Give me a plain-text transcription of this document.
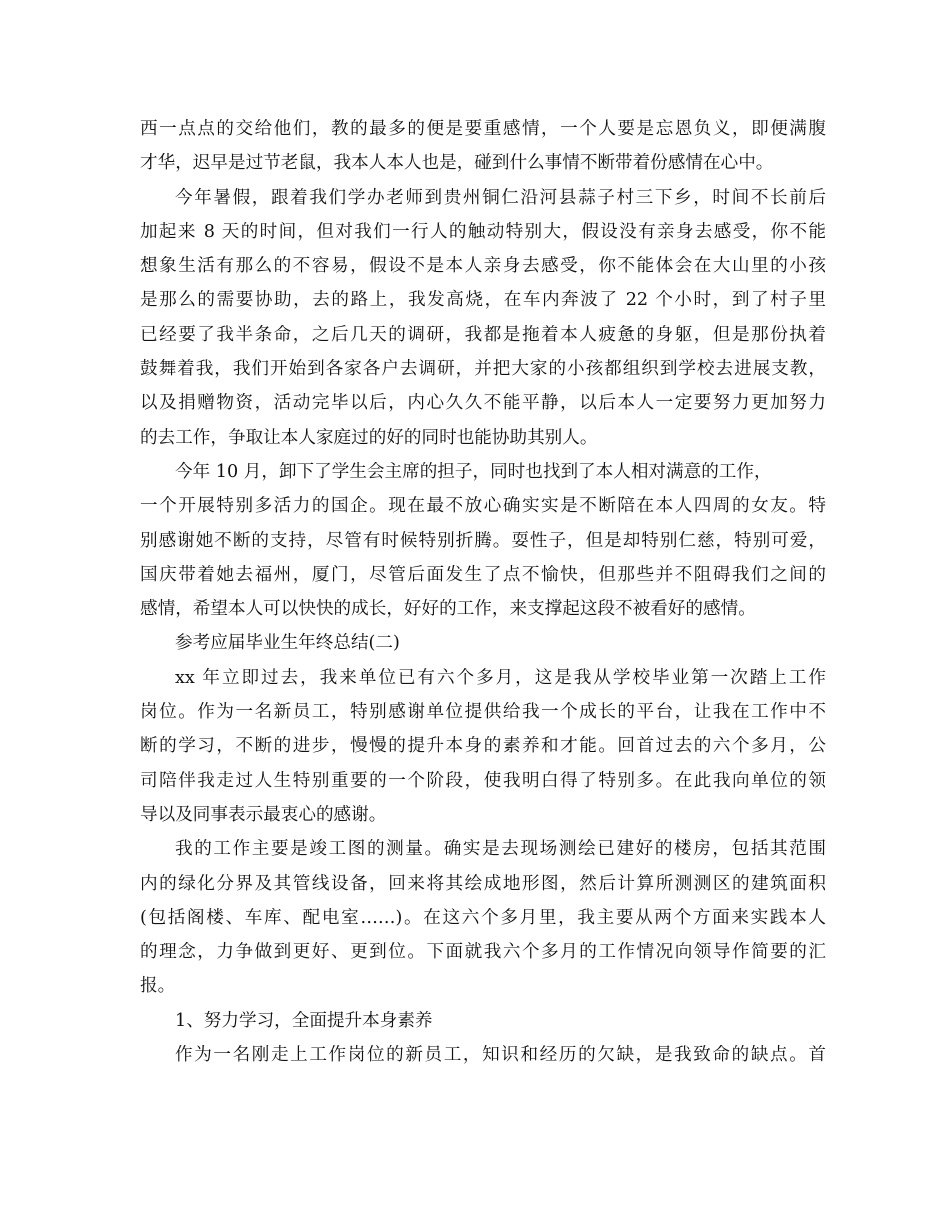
西一点点的交给他们，教的最多的便是要重感情，一个人要是忘恩负义，即便满腹
才华，迟早是过节老鼠，我本人本人也是，碰到什么事情不断带着份感情在心中。
今年暑假，跟着我们学办老师到贵州铜仁沿河县蒜子村三下乡，时间不长前后
加起来 8 天的时间，但对我们一行人的触动特别大，假设没有亲身去感受，你不能
想象生活有那么的不容易，假设不是本人亲身去感受，你不能体会在大山里的小孩
是那么的需要协助，去的路上，我发高烧，在车内奔波了 22 个小时，到了村子里
已经要了我半条命，之后几天的调研，我都是拖着本人疲惫的身躯，但是那份执着
鼓舞着我，我们开始到各家各户去调研，并把大家的小孩都组织到学校去进展支教，
以及捐赠物资，活动完毕以后，内心久久不能平静，以后本人一定要努力更加努力
的去工作，争取让本人家庭过的好的同时也能协助其别人。
今年 10 月，卸下了学生会主席的担子，同时也找到了本人相对满意的工作，
一个开展特别多活力的国企。现在最不放心确实实是不断陪在本人四周的女友。特
别感谢她不断的支持，尽管有时候特别折腾。耍性子，但是却特别仁慈，特别可爱，
国庆带着她去福州，厦门，尽管后面发生了点不愉快，但那些并不阻碍我们之间的
感情，希望本人可以快快的成长，好好的工作，来支撑起这段不被看好的感情。
参考应届毕业生年终总结(二)
xx 年立即过去，我来单位已有六个多月，这是我从学校毕业第一次踏上工作
岗位。作为一名新员工，特别感谢单位提供给我一个成长的平台，让我在工作中不
断的学习，不断的进步，慢慢的提升本身的素养和才能。回首过去的六个多月，公
司陪伴我走过人生特别重要的一个阶段，使我明白得了特别多。在此我向单位的领
导以及同事表示最衷心的感谢。
我的工作主要是竣工图的测量。确实是去现场测绘已建好的楼房，包括其范围
内的绿化分界及其管线设备，回来将其绘成地形图，然后计算所测测区的建筑面积
(包括阁楼、车库、配电室……)。在这六个多月里，我主要从两个方面来实践本人
的理念，力争做到更好、更到位。下面就我六个多月的工作情况向领导作简要的汇
报。
1、努力学习，全面提升本身素养
作为一名刚走上工作岗位的新员工，知识和经历的欠缺，是我致命的缺点。首
